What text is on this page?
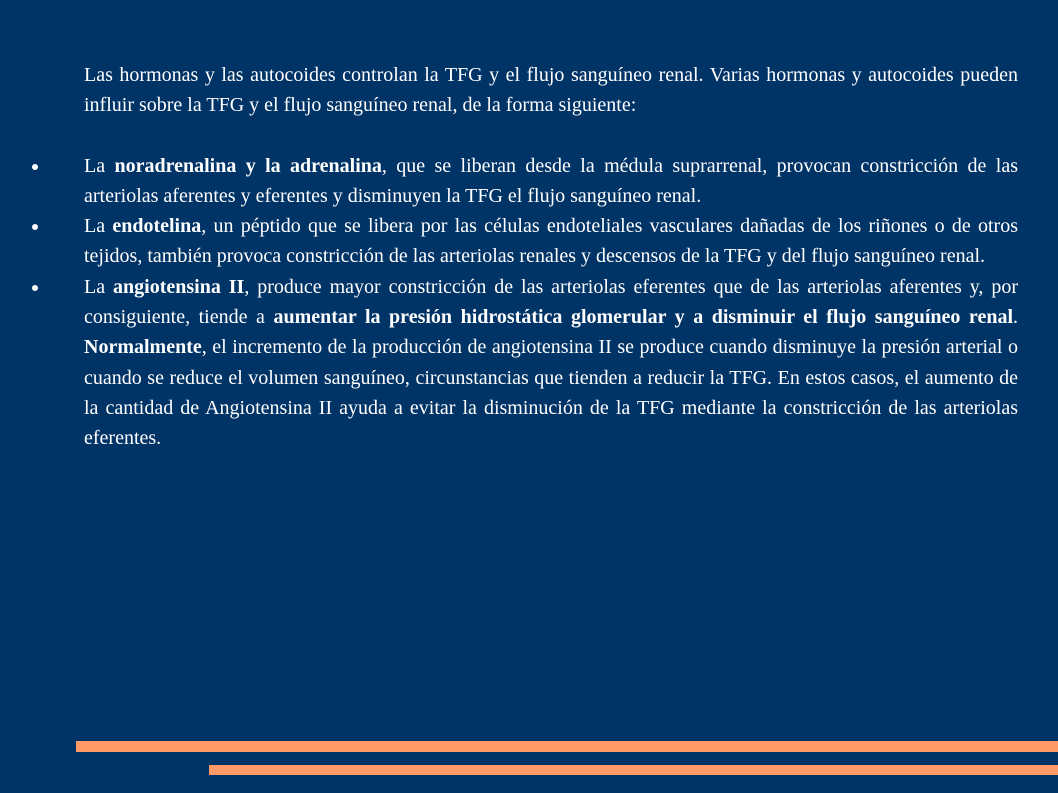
Las hormonas y las autocoides controlan la TFG y el flujo sanguíneo renal. Varias hormonas y autocoides pueden influir sobre la TFG y el flujo sanguíneo renal, de la forma siguiente:

La noradrenalina y la adrenalina, que se liberan desde la médula suprarrenal, provocan constricción de las arteriolas aferentes y eferentes y disminuyen la TFG el flujo sanguíneo renal.
La endotelina, un péptido que se libera por las células endoteliales vasculares dañadas de los riñones o de otros tejidos, también provoca constricción de las arteriolas renales y descensos de la TFG y del flujo sanguíneo renal.
La angiotensina II, produce mayor constricción de las arteriolas eferentes que de las arteriolas aferentes y, por consiguiente, tiende a aumentar la presión hidrostática glomerular y a disminuir el flujo sanguíneo renal. Normalmente, el incremento de la producción de angiotensina II se produce cuando disminuye la presión arterial o cuando se reduce el volumen sanguíneo, circunstancias que tienden a reducir la TFG. En estos casos, el aumento de la cantidad de Angiotensina II ayuda a evitar la disminución de la TFG mediante la constricción de las arteriolas eferentes.
